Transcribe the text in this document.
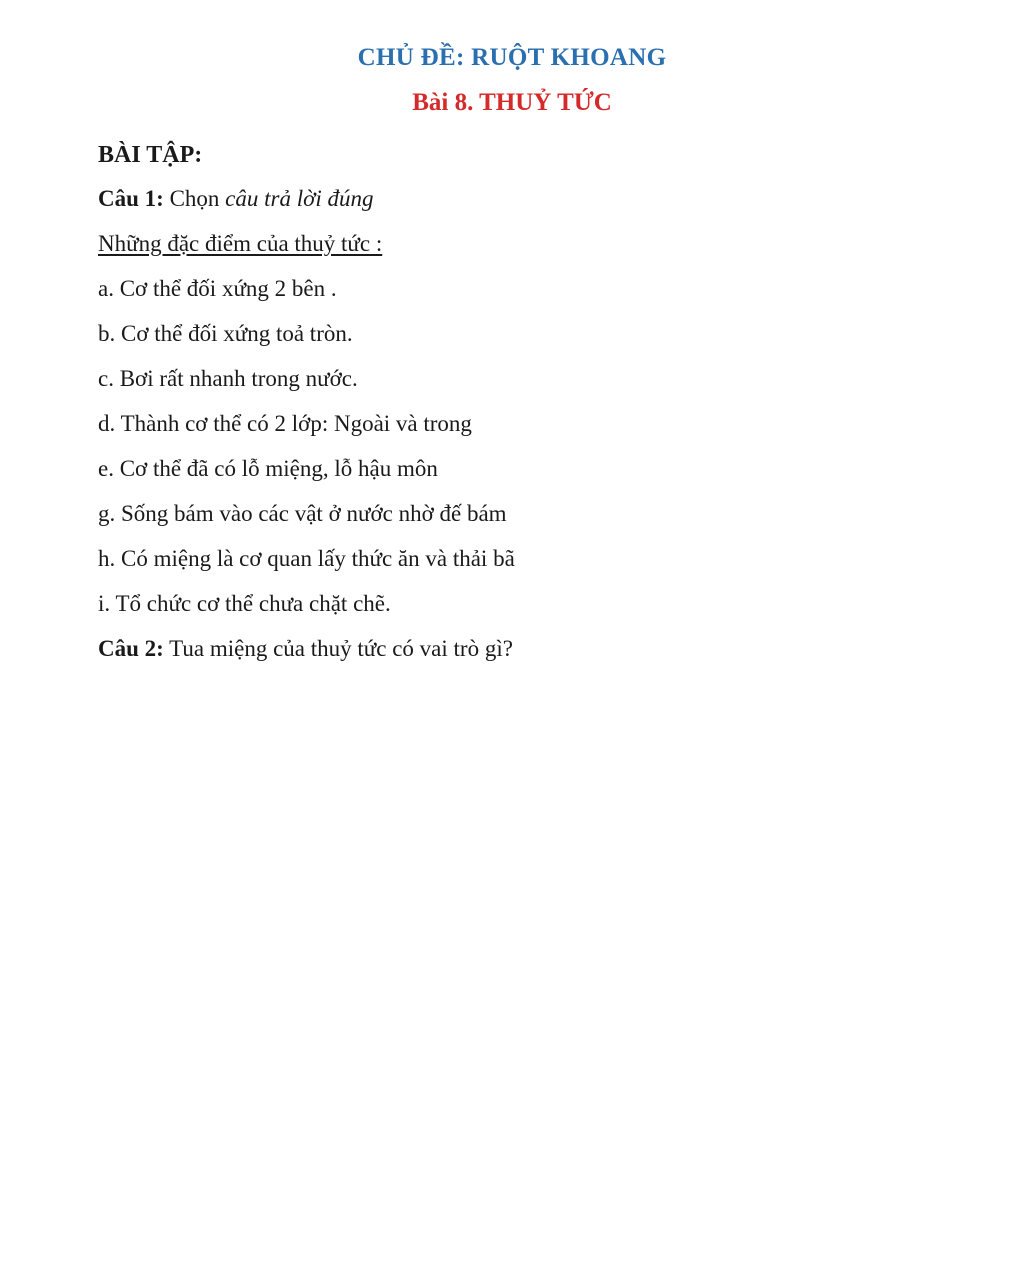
CHỦ ĐỀ: RUỘT KHOANG
Bài 8. THUỶ TỨC

BÀI TẬP:

Câu 1: Chọn câu trả lời đúng

Những đặc điểm của thuỷ tức :

a. Cơ thể đối xứng 2 bên .

b. Cơ thể đối xứng toả tròn.

c. Bơi rất nhanh trong nước.

d. Thành cơ thể có 2 lớp: Ngoài và trong

e. Cơ thể đã có lỗ miệng, lỗ hậu môn

g. Sống bám vào các vật ở nước nhờ đế bám

h. Có miệng là cơ quan lấy thức ăn và thải bã

i. Tổ chức cơ thể chưa chặt chẽ.

Câu 2: Tua miệng của thuỷ tức có vai trò gì?
